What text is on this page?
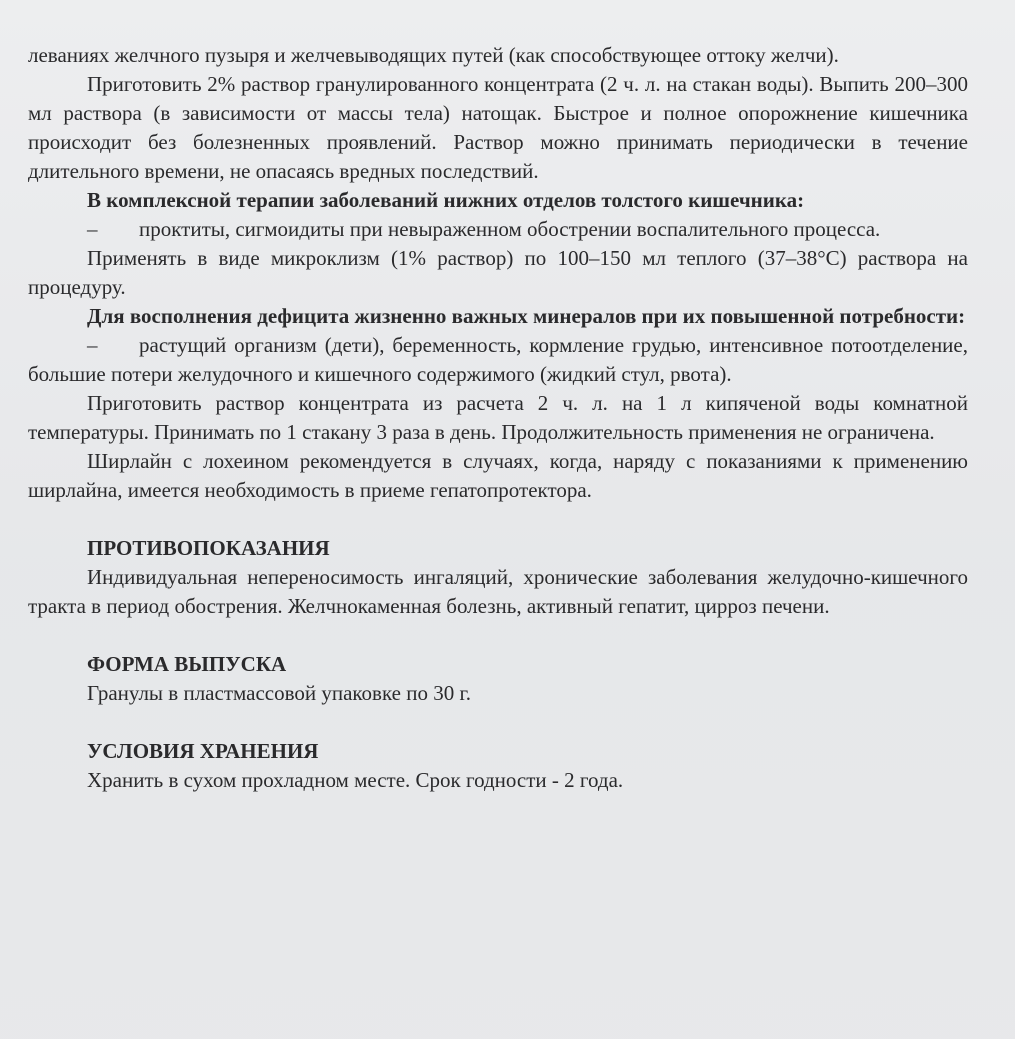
леваниях желчного пузыря и желчевыводящих путей (как способствующее оттоку желчи).

Приготовить 2% раствор гранулированного концентрата (2 ч. л. на стакан воды). Выпить 200–300 мл раствора (в зависимости от массы тела) натощак. Быстрое и полное опорожнение кишечника происходит без болезненных проявлений. Раствор можно принимать периодически в течение длительного времени, не опасаясь вредных последствий.

В комплексной терапии заболеваний нижних отделов толстого кишечника:

– проктиты, сигмоидиты при невыраженном обострении воспалительного процесса.

Применять в виде микроклизм (1% раствор) по 100–150 мл теплого (37–38°С) раствора на процедуру.

Для восполнения дефицита жизненно важных минералов при их повышенной потребности:

– растущий организм (дети), беременность, кормление грудью, интенсивное потоотделение, большие потери желудочного и кишечного содержимого (жидкий стул, рвота).

Приготовить раствор концентрата из расчета 2 ч. л. на 1 л кипяченой воды комнатной температуры. Принимать по 1 стакану 3 раза в день. Продолжительность применения не ограничена.

Ширлайн с лохеином рекомендуется в случаях, когда, наряду с показаниями к применению ширлайна, имеется необходимость в приеме гепатопротектора.

ПРОТИВОПОКАЗАНИЯ

Индивидуальная непереносимость ингаляций, хронические заболевания желудочно-кишечного тракта в период обострения. Желчнокаменная болезнь, активный гепатит, цирроз печени.

ФОРМА ВЫПУСКА

Гранулы в пластмассовой упаковке по 30 г.

УСЛОВИЯ ХРАНЕНИЯ

Хранить в сухом прохладном месте. Срок годности - 2 года.
